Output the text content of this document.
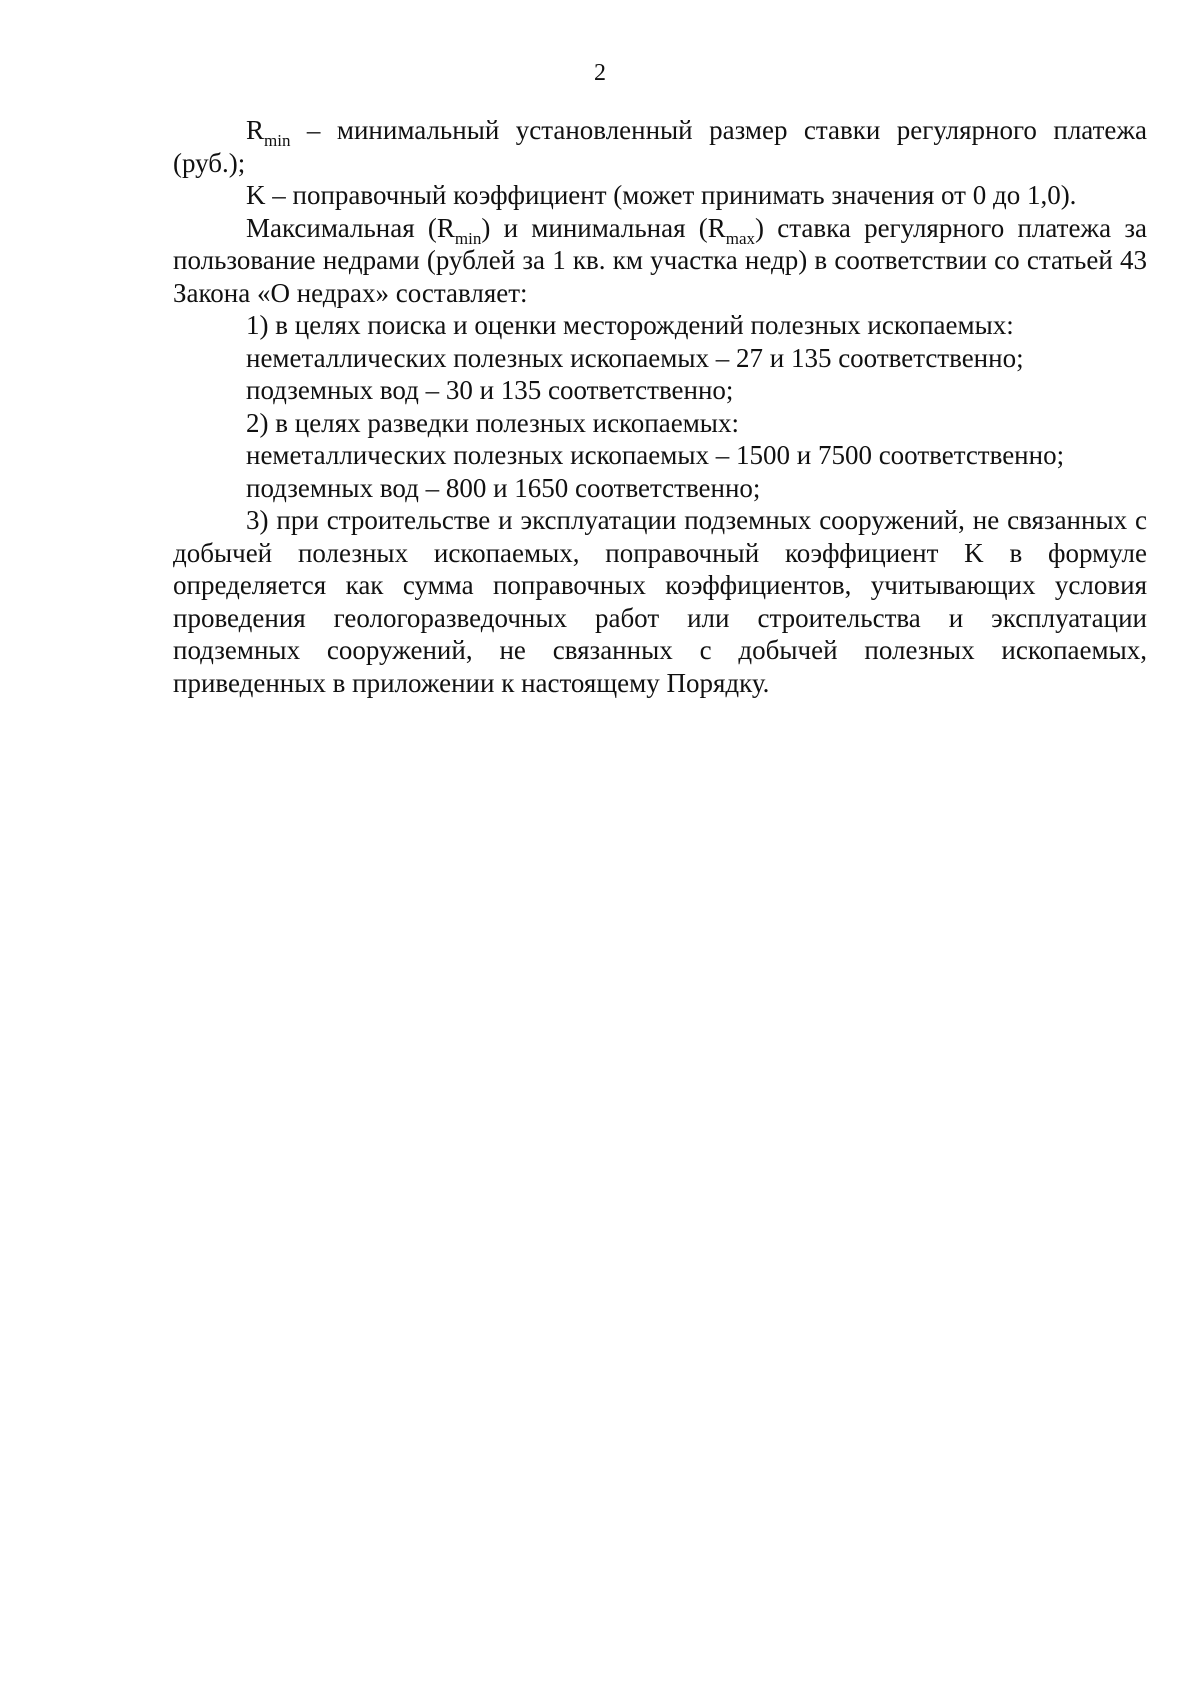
2

$R_{min}$ – минимальный установленный размер ставки регулярного платежа (руб.);

K – поправочный коэффициент (может принимать значения от 0 до 1,0).

Максимальная $(R_{min})$ и минимальная $(R_{max})$ ставка регулярного платежа за пользование недрами (рублей за 1 кв. км участка недр) в соответствии со статьей 43 Закона «О недрах» составляет:

1) в целях поиска и оценки месторождений полезных ископаемых:

неметаллических полезных ископаемых – 27 и 135 соответственно;

подземных вод – 30 и 135 соответственно;

2) в целях разведки полезных ископаемых:

неметаллических полезных ископаемых – 1500 и 7500 соответственно;

подземных вод – 800 и 1650 соответственно;

3) при строительстве и эксплуатации подземных сооружений, не связанных с добычей полезных ископаемых, поправочный коэффициент K в формуле определяется как сумма поправочных коэффициентов, учитывающих условия проведения геологоразведочных работ или строительства и эксплуатации подземных сооружений, не связанных с добычей полезных ископаемых, приведенных в приложении к настоящему Порядку.
